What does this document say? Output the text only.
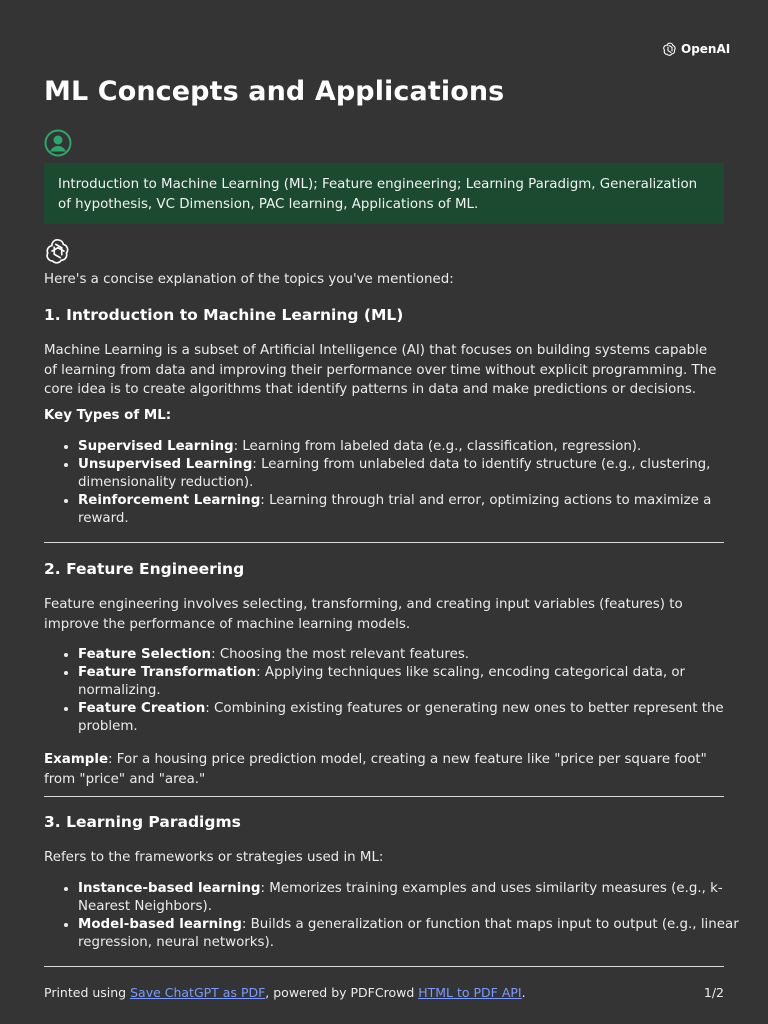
OpenAI
ML Concepts and Applications
Introduction to Machine Learning (ML); Feature engineering; Learning Paradigm, Generalization of hypothesis, VC Dimension, PAC learning, Applications of ML.

Here's a concise explanation of the topics you've mentioned:

1. Introduction to Machine Learning (ML)

Machine Learning is a subset of Artificial Intelligence (AI) that focuses on building systems capable of learning from data and improving their performance over time without explicit programming. The core idea is to create algorithms that identify patterns in data and make predictions or decisions.

Key Types of ML:

• Supervised Learning: Learning from labeled data (e.g., classification, regression).
• Unsupervised Learning: Learning from unlabeled data to identify structure (e.g., clustering, dimensionality reduction).
• Reinforcement Learning: Learning through trial and error, optimizing actions to maximize a reward.
2. Feature Engineering

Feature engineering involves selecting, transforming, and creating input variables (features) to improve the performance of machine learning models.

• Feature Selection: Choosing the most relevant features.
• Feature Transformation: Applying techniques like scaling, encoding categorical data, or normalizing.
• Feature Creation: Combining existing features or generating new ones to better represent the problem.

Example: For a housing price prediction model, creating a new feature like "price per square foot" from "price" and "area."

3. Learning Paradigms

Refers to the frameworks or strategies used in ML:

• Instance-based learning: Memorizes training examples and uses similarity measures (e.g., k-Nearest Neighbors).
• Model-based learning: Builds a generalization or function that maps input to output (e.g., linear regression, neural networks).
Printed using Save ChatGPT as PDF, powered by PDFCrowd HTML to PDF API.	1/2
